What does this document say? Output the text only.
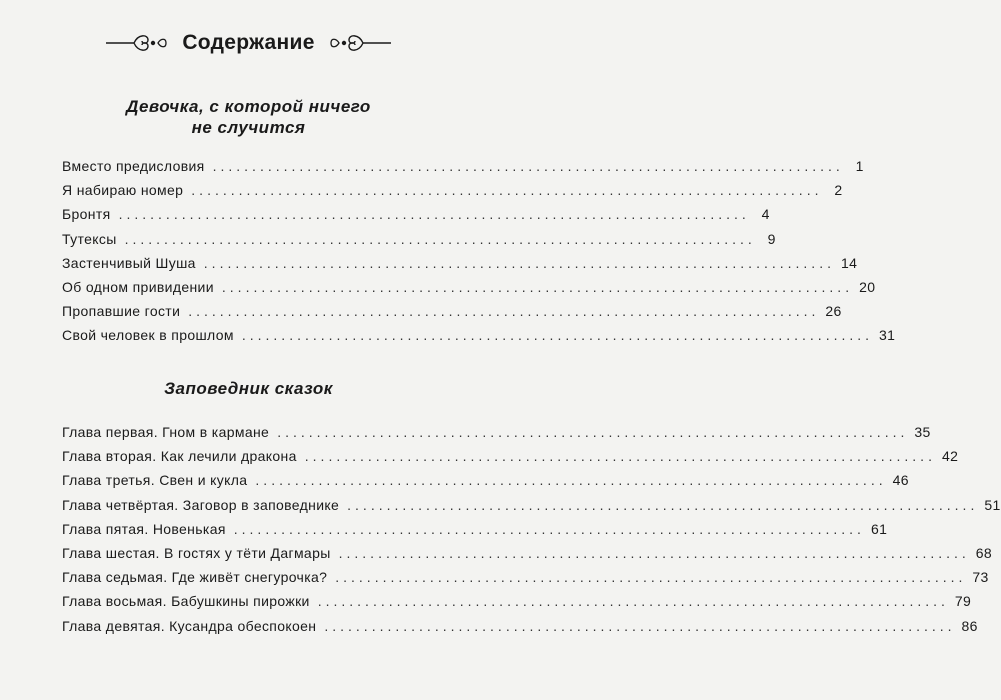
Содержание
Девочка, с которой ничего
не случится
Вместо предисловия ................................................................................ 1
Я набираю номер ................................................................................ 2
Бронтя ................................................................................ 4
Тутексы ................................................................................ 9
Застенчивый Шуша ................................................................................ 14
Об одном привидении ................................................................................ 20
Пропавшие гости ................................................................................ 26
Свой человек в прошлом ................................................................................ 31
Заповедник сказок
Глава первая. Гном в кармане ................................................................................ 35
Глава вторая. Как лечили дракона ................................................................................ 42
Глава третья. Свен и кукла ................................................................................ 46
Глава четвёртая. Заговор в заповеднике ................................................................................ 51
Глава пятая. Новенькая ................................................................................ 61
Глава шестая. В гостях у тёти Дагмары ................................................................................ 68
Глава седьмая. Где живёт снегурочка? ................................................................................ 73
Глава восьмая. Бабушкины пирожки ................................................................................ 79
Глава девятая. Кусандра обеспокоен ................................................................................ 86
